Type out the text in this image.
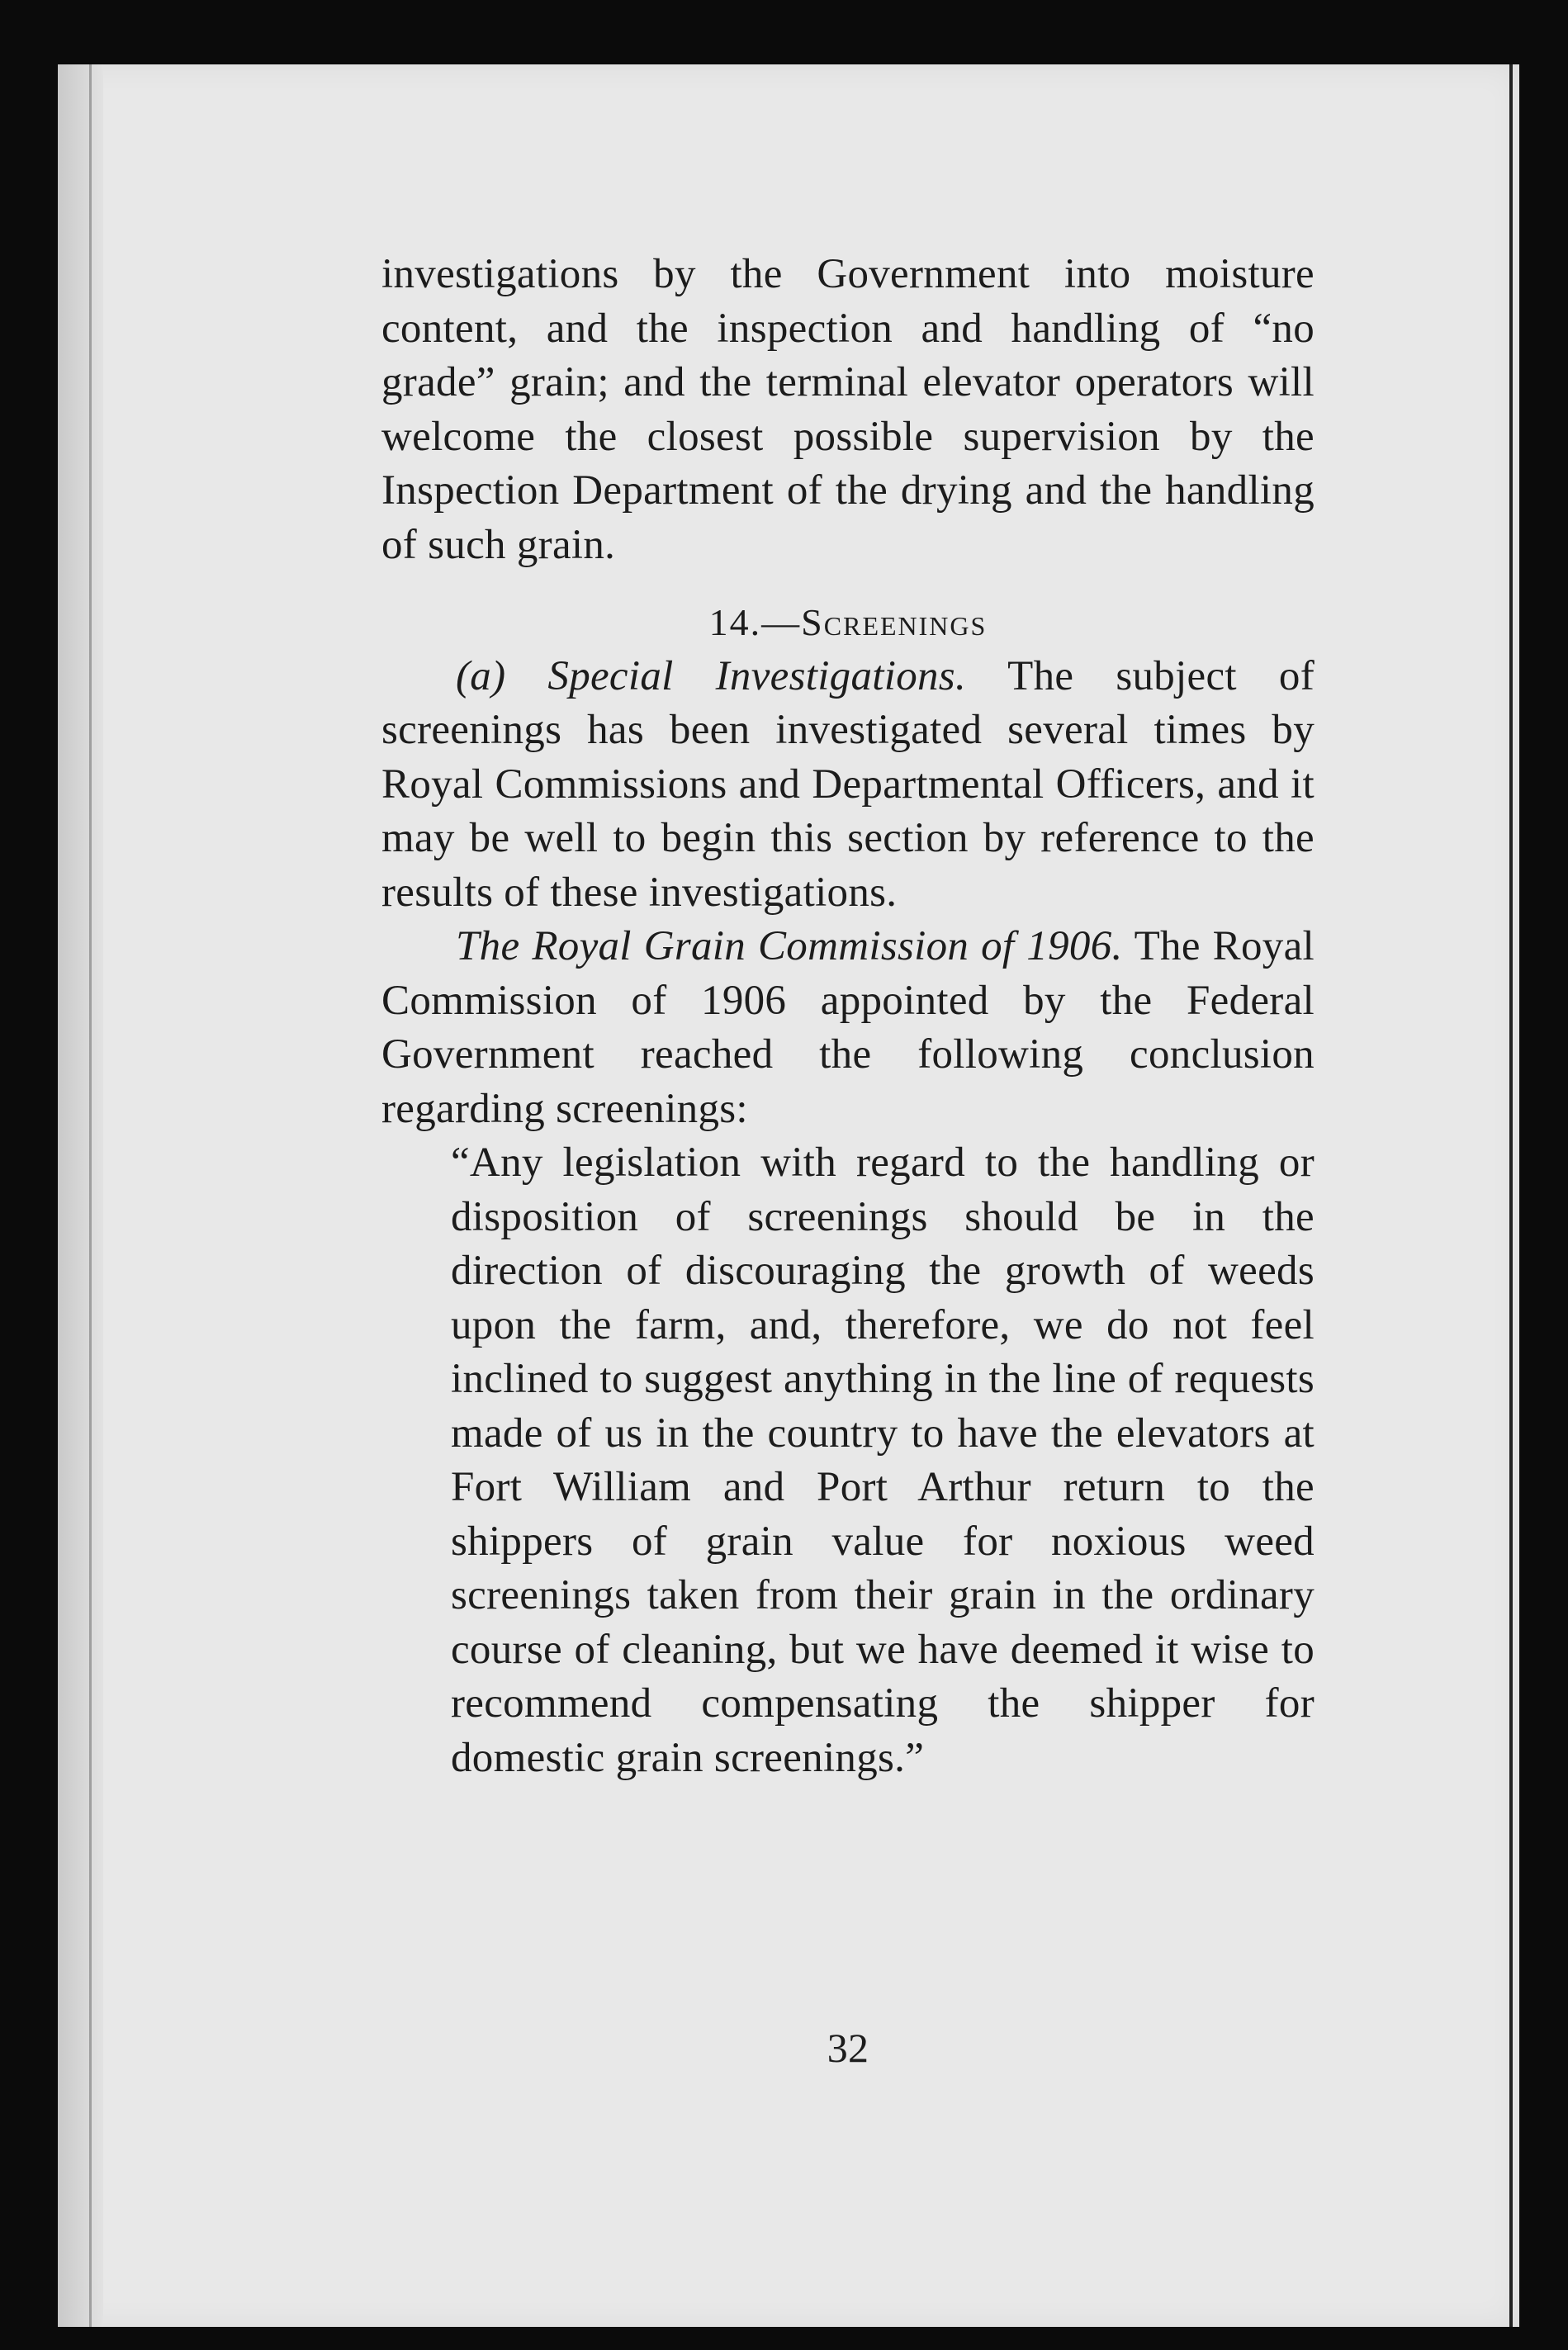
investigations by the Government into moisture content, and the inspection and handling of “no grade” grain; and the terminal elevator operators will welcome the closest possible supervision by the Inspection Department of the drying and the handling of such grain.

14.—Screenings

(a) Special Investigations. The subject of screenings has been investigated several times by Royal Commissions and Departmental Officers, and it may be well to begin this section by reference to the results of these investigations.

The Royal Grain Commission of 1906. The Royal Commission of 1906 appointed by the Federal Government reached the following conclusion regarding screenings:

“Any legislation with regard to the handling or disposition of screenings should be in the direction of discouraging the growth of weeds upon the farm, and, therefore, we do not feel inclined to suggest anything in the line of requests made of us in the country to have the elevators at Fort William and Port Arthur return to the shippers of grain value for noxious weed screenings taken from their grain in the ordinary course of cleaning, but we have deemed it wise to recommend compensating the shipper for domestic grain screenings.”

32
